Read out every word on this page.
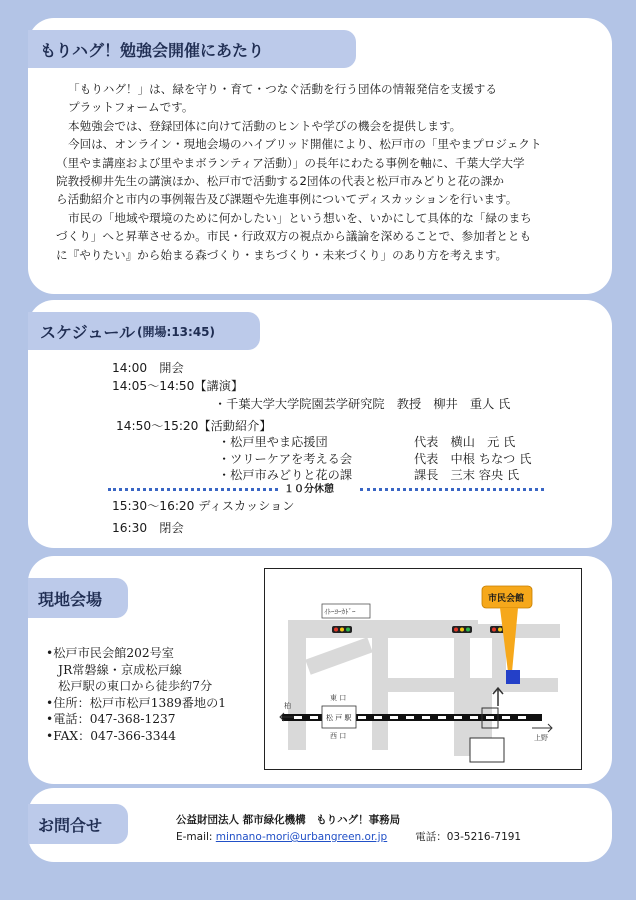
もりハグ！勉強会開催にあたり

「もりハグ！」は、緑を守り・育て・つなぐ活動を行う団体の情報発信を支援する

プラットフォームです。

本勉強会では、登録団体に向けて活動のヒントや学びの機会を提供します。

今回は、オンライン・現地会場のハイブリッド開催により、松戸市の「里やまプロジェクト

（里やま講座および里やまボランティア活動）」の長年にわたる事例を軸に、千葉大学大学

院教授柳井先生の講演ほか、松戸市で活動する2団体の代表と松戸市みどりと花の課か

ら活動紹介と市内の事例報告及び課題や先進事例についてディスカッションを行います。

市民の「地域や環境のために何かしたい」という想いを、いかにして具体的な「緑のまち

づくり」へと昇華させるか。市民・行政双方の視点から議論を深めることで、参加者ととも

に『やりたい』から始まる森づくり・まちづくり・未来づくり」のあり方を考えます。

スケジュール (開場:13:45)
14:00　開会
14:05～14:50【講演】
・千葉大学大学院園芸学研究院　教授　柳井　重人 氏
14:50～15:20【活動紹介】
・松戸里やま応援団	代表　横山　元 氏
・ツリーケアを考える会	代表　中根 ちなつ 氏
・松戸市みどりと花の課	課長　三末 容央 氏
１０分休憩
15:30～16:20 ディスカッション
16:30　閉会
現地会場
•松戸市民会館202号室
　JR常磐線・京成松戸線
　松戸駅の東口から徒歩約7分
•住所：松戸市松戸1389番地の1
•電話：047-368-1237
•FAX：047-366-3344
ｲﾄｰﾖｰｶﾄﾞｰ
市民会館
柏
上野
松 戸 駅
東 口
西 口
お問合せ	公益財団法人 都市緑化機構　もりハグ！事務局
E-mail: minnano-mori@urbangreen.or.jp	電話：03-5216-7191
